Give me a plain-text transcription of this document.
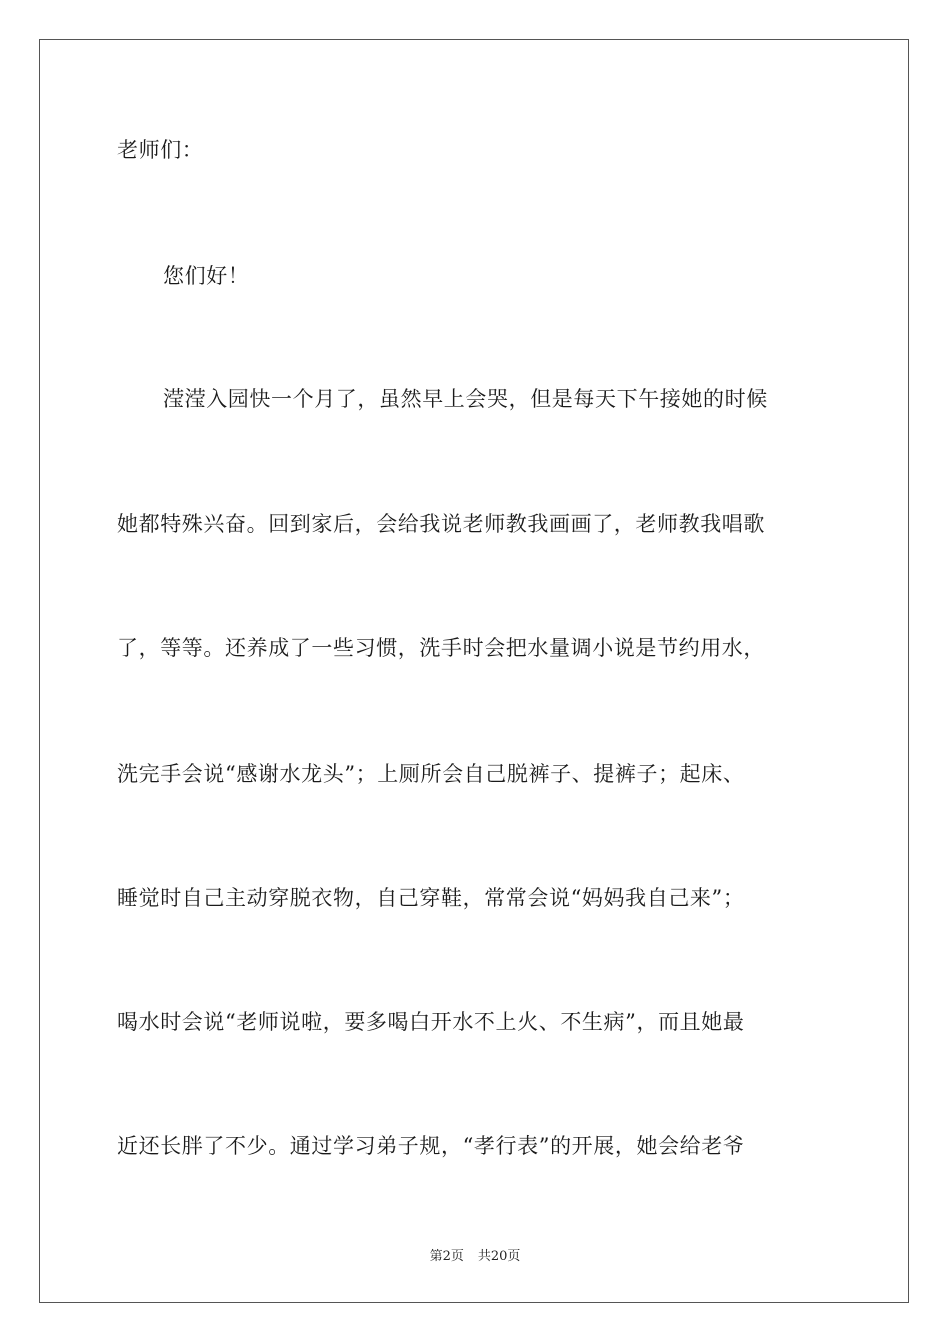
老师们：
您们好！
滢滢入园快一个月了，虽然早上会哭，但是每天下午接她的时候
她都特殊兴奋。回到家后，会给我说老师教我画画了，老师教我唱歌
了，等等。还养成了一些习惯，洗手时会把水量调小说是节约用水，
洗完手会说“感谢水龙头”；上厕所会自己脱裤子、提裤子；起床、
睡觉时自己主动穿脱衣物，自己穿鞋，常常会说“妈妈我自己来”；
喝水时会说“老师说啦，要多喝白开水不上火、不生病”，而且她最
近还长胖了不少。通过学习弟子规，“孝行表”的开展，她会给老爷
第2页 共20页
